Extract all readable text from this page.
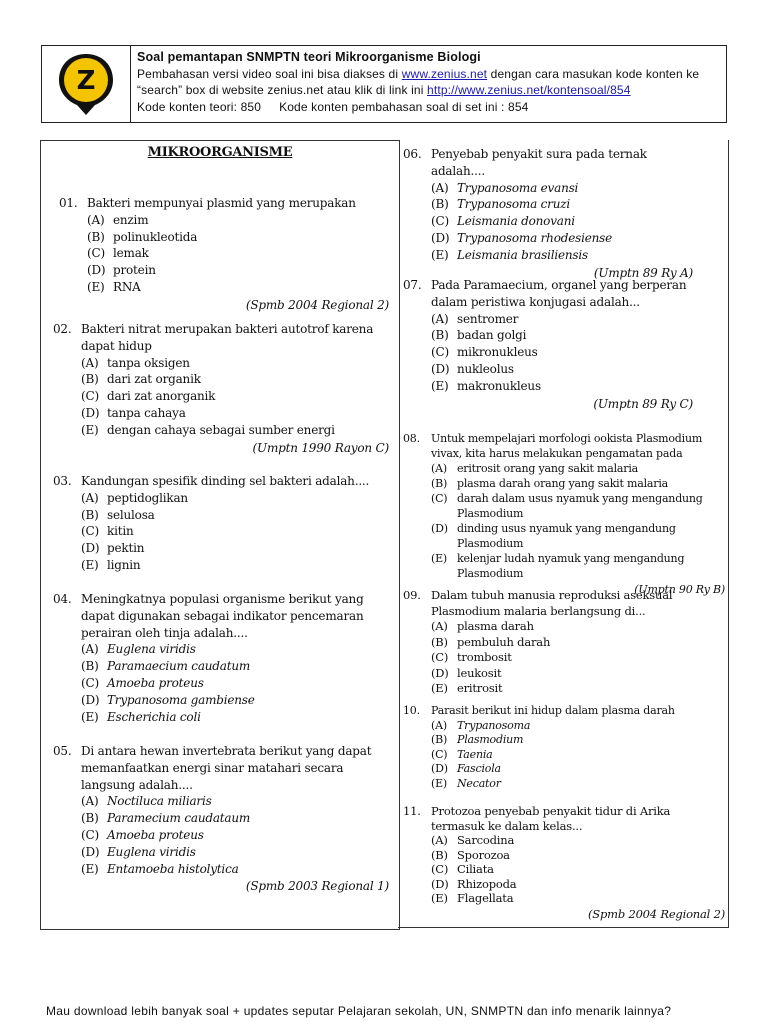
Z
Soal pemantapan SNMPTN teori Mikroorganisme Biologi
Pembahasan versi video soal ini bisa diakses di www.zenius.net dengan cara masukan kode konten ke
“search” box di website zenius.net atau klik di link ini http://www.zenius.net/kontensoal/854
Kode konten teori: 850 Kode konten pembahasan soal di set ini : 854
MIKROORGANISME
01. Bakteri mempunyai plasmid yang merupakan
(A) enzim
(B) polinukleotida
(C) lemak
(D) protein
(E) RNA
(Spmb 2004 Regional 2)
02. Bakteri nitrat merupakan bakteri autotrof karena dapat hidup
(A) tanpa oksigen
(B) dari zat organik
(C) dari zat anorganik
(D) tanpa cahaya
(E) dengan cahaya sebagai sumber energi
(Umptn 1990 Rayon C)
03. Kandungan spesifik dinding sel bakteri adalah....
(A) peptidoglikan
(B) selulosa
(C) kitin
(D) pektin
(E) lignin
04. Meningkatnya populasi organisme berikut yang dapat digunakan sebagai indikator pencemaran perairan oleh tinja adalah....
(A) Euglena viridis
(B) Paramaecium caudatum
(C) Amoeba proteus
(D) Trypanosoma gambiense
(E) Escherichia coli
05. Di antara hewan invertebrata berikut yang dapat memanfaatkan energi sinar matahari secara langsung adalah....
(A) Noctiluca miliaris
(B) Paramecium caudataum
(C) Amoeba proteus
(D) Euglena viridis
(E) Entamoeba histolytica
(Spmb 2003 Regional 1)
06. Penyebab penyakit sura pada ternak adalah....
(A) Trypanosoma evansi
(B) Trypanosoma cruzi
(C) Leismania donovani
(D) Trypanosoma rhodesiense
(E) Leismania brasiliensis
(Umptn 89 Ry A)
07. Pada Paramaecium, organel yang berperan dalam peristiwa konjugasi adalah...
(A) sentromer
(B) badan golgi
(C) mikronukleus
(D) nukleolus
(E) makronukleus
(Umptn 89 Ry C)
08.	Untuk mempelajari morfologi ookista Plasmodium vivax, kita harus melakukan pengamatan pada
(A) eritrosit orang yang sakit malaria
(B) plasma darah orang yang sakit malaria
(C) darah dalam usus nyamuk yang mengandung Plasmodium
(D) dinding usus nyamuk yang mengandung Plasmodium
(E) kelenjar ludah nyamuk yang mengandung Plasmodium
(Umptn 90 Ry B)
09. Dalam tubuh manusia reproduksi aseksual Plasmodium malaria berlangsung di...
(A) plasma darah
(B) pembuluh darah
(C) trombosit
(D) leukosit
(E) eritrosit
10.	Parasit berikut ini hidup dalam plasma darah
(A) Trypanosoma
(B) Plasmodium
(C) Taenia
(D) Fasciola
(E) Necator
11. Protozoa penyebab penyakit tidur di Arika termasuk ke dalam kelas...
(A) Sarcodina
(B) Sporozoa
(C) Ciliata
(D) Rhizopoda
(E) Flagellata
(Spmb 2004 Regional 2)
Mau download lebih banyak soal + updates seputar Pelajaran sekolah, UN, SNMPTN dan info menarik lainnya?
